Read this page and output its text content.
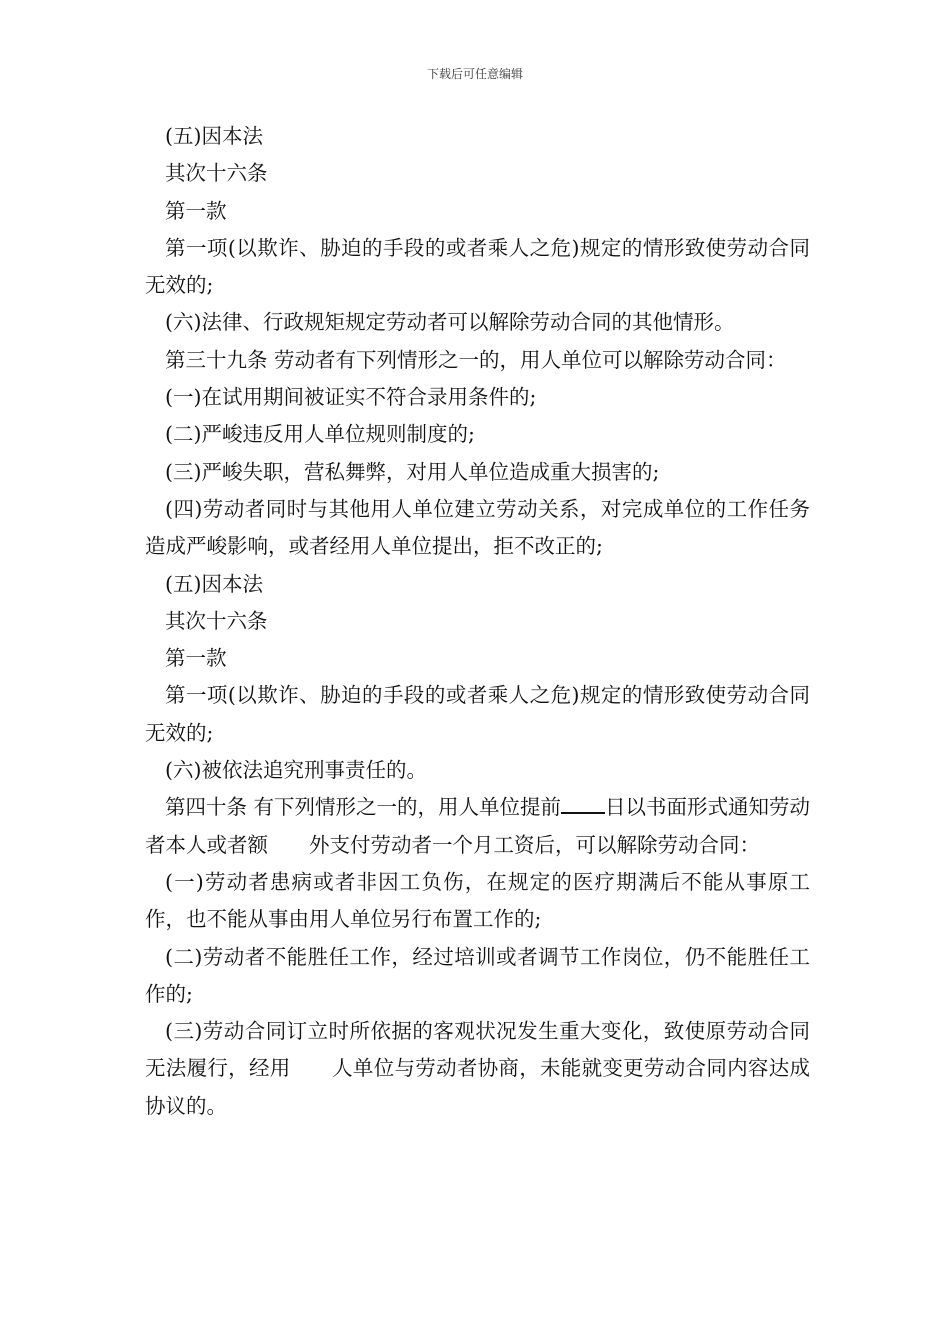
下载后可任意编辑

(五)因本法

其次十六条

第一款

第一项(以欺诈、胁迫的手段的或者乘人之危)规定的情形致使劳动合同无效的;

(六)法律、行政规矩规定劳动者可以解除劳动合同的其他情形。

第三十九条 劳动者有下列情形之一的，用人单位可以解除劳动合同：

(一)在试用期间被证实不符合录用条件的;

(二)严峻违反用人单位规则制度的;

(三)严峻失职，营私舞弊，对用人单位造成重大损害的;

(四)劳动者同时与其他用人单位建立劳动关系，对完成单位的工作任务造成严峻影响，或者经用人单位提出，拒不改正的;

(五)因本法

其次十六条

第一款

第一项(以欺诈、胁迫的手段的或者乘人之危)规定的情形致使劳动合同无效的;

(六)被依法追究刑事责任的。

第四十条 有下列情形之一的，用人单位提前 日以书面形式通知劳动者本人或者额　　外支付劳动者一个月工资后，可以解除劳动合同：

(一)劳动者患病或者非因工负伤，在规定的医疗期满后不能从事原工作，也不能从事由用人单位另行布置工作的;

(二)劳动者不能胜任工作，经过培训或者调节工作岗位，仍不能胜任工作的;

(三)劳动合同订立时所依据的客观状况发生重大变化，致使原劳动合同无法履行，经用　　人单位与劳动者协商，未能就变更劳动合同内容达成协议的。
